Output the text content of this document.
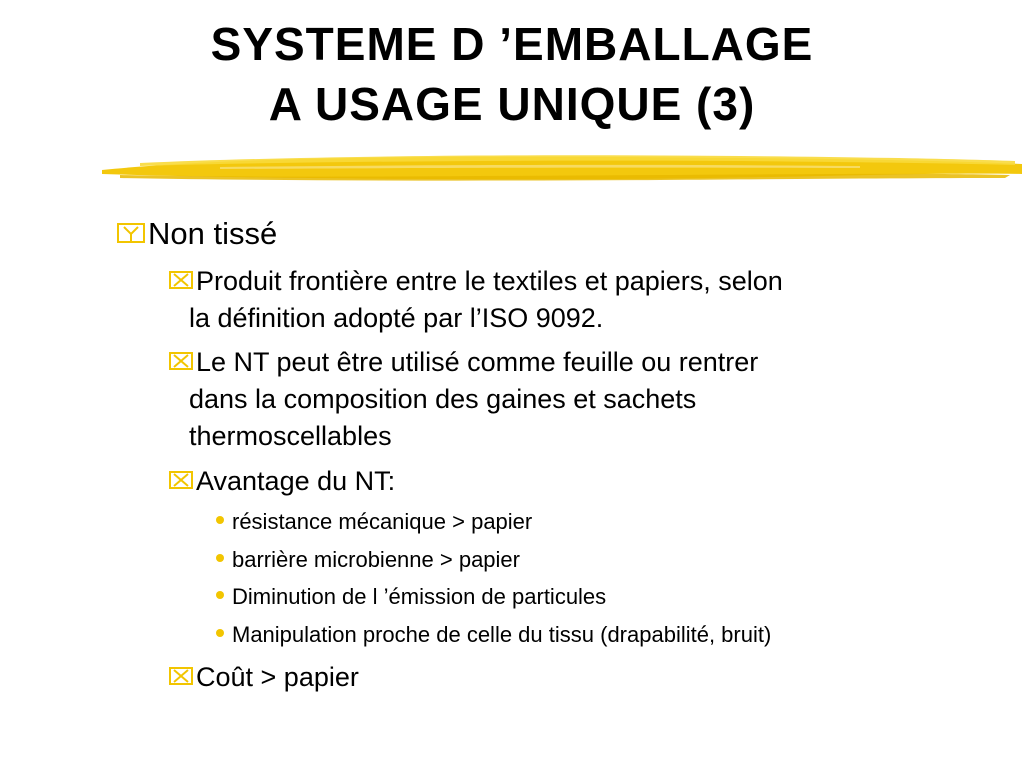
SYSTEME D ’EMBALLAGE
A USAGE UNIQUE (3)
Non tissé
Produit frontière entre le textiles et papiers, selon
la définition adopté par l’ISO 9092.
Le NT peut être utilisé comme feuille ou rentrer
dans la composition des gaines et sachets
thermoscellables
Avantage du NT:
résistance mécanique > papier
barrière microbienne > papier
Diminution de l ’émission de particules
Manipulation proche de celle du tissu (drapabilité, bruit)
Coût > papier
